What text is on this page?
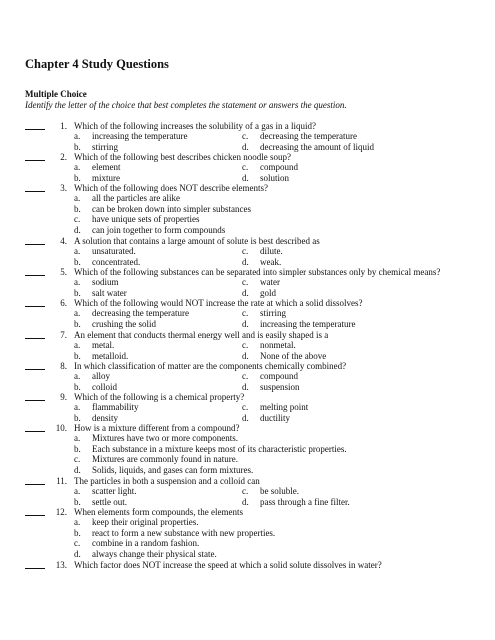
Chapter 4 Study Questions
Multiple Choice
Identify the letter of the choice that best completes the statement or answers the question.
1. Which of the following increases the solubility of a gas in a liquid?
a. increasing the temperature	c. decreasing the temperature
b. stirring	d. decreasing the amount of liquid
2. Which of the following best describes chicken noodle soup?
a. element	c. compound
b. mixture	d. solution
3. Which of the following does NOT describe elements?
a. all the particles are alike
b. can be broken down into simpler substances
c. have unique sets of properties
d. can join together to form compounds
4. A solution that contains a large amount of solute is best described as
a. unsaturated.	c. dilute.
b. concentrated.	d. weak.
5. Which of the following substances can be separated into simpler substances only by chemical means?
a. sodium	c. water
b. salt water	d. gold
6. Which of the following would NOT increase the rate at which a solid dissolves?
a. decreasing the temperature	c. stirring
b. crushing the solid	d. increasing the temperature
7. An element that conducts thermal energy well and is easily shaped is a
a. metal.	c. nonmetal.
b. metalloid.	d. None of the above
8. In which classification of matter are the components chemically combined?
a. alloy	c. compound
b. colloid	d. suspension
9. Which of the following is a chemical property?
a. flammability	c. melting point
b. density	d. ductility
10. How is a mixture different from a compound?
a. Mixtures have two or more components.
b. Each substance in a mixture keeps most of its characteristic properties.
c. Mixtures are commonly found in nature.
d. Solids, liquids, and gases can form mixtures.
11. The particles in both a suspension and a colloid can
a. scatter light.	c. be soluble.
b. settle out.	d. pass through a fine filter.
12. When elements form compounds, the elements
a. keep their original properties.
b. react to form a new substance with new properties.
c. combine in a random fashion.
d. always change their physical state.
13. Which factor does NOT increase the speed at which a solid solute dissolves in water?
